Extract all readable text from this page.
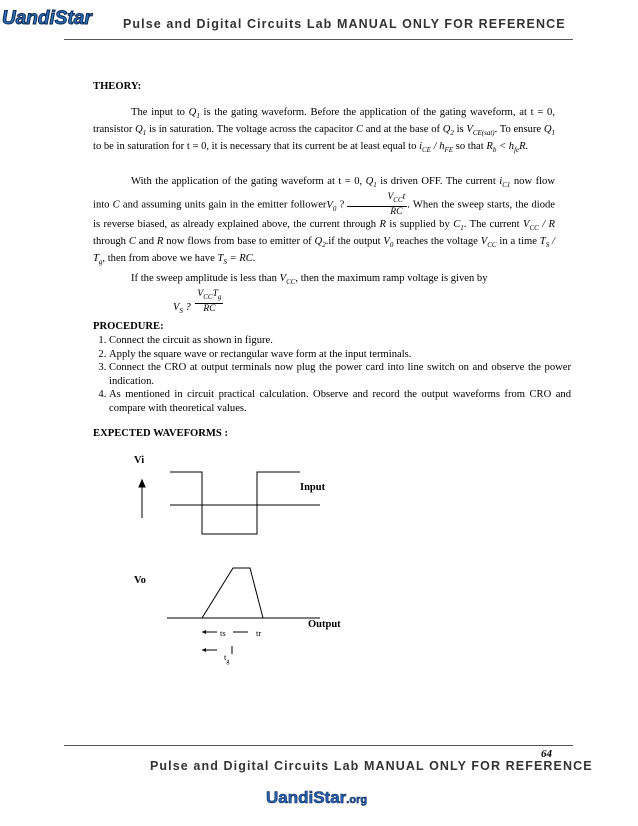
UandiStar	Pulse and Digital Circuits Lab MANUAL ONLY FOR REFERENCE
THEORY:
The input to $Q_1$ is the gating waveform. Before the application of the gating waveform, at t = 0, transistor $Q_1$ is in saturation. The voltage across the capacitor C and at the base of $Q_2$ is $V_{CE(sat)}$. To ensure $Q_1$ to be in saturation for t = 0, it is necessary that its current be at least equal to $i_{CE} / h_{FE}$ so that $R_b < h_{fe}R$.
With the application of the gating waveform at t = 0, $Q_1$ is driven OFF. The current $i_{C1}$ now flow into C and assuming units gain in the emitter followerV$_0$ ? $\frac{V_{CC}t}{RC}$ . When the sweep starts, the diode is reverse biased, as already explained above, the current through R is supplied by $C_1$. The current $V_{CC}$ / R through C and R now flows from base to emitter of $Q_2.if$ the output $V_0$ reaches the voltage $V_{CC}$ in a time $T_S / T_g$, then from above we have $T_S$ = RC.
If the sweep amplitude is less than $V_{CC}$, then the maximum ramp voltage is given by
$V_S$ ? $\frac{V_{CC}T_g}{RC}$
PROCEDURE:
1. Connect the circuit as shown in figure.
2. Apply the square wave or rectangular wave form at the input terminals.
3. Connect the CRO at output terminals now plug the power card into line switch on and observe the power indication.
4. As mentioned in circuit practical calculation. Observe and record the output waveforms from CRO and compare with theoretical values.
EXPECTED WAVEFORMS :
Vi
Input
Vo
Output
ts	tr
$t_g$
64
Pulse and Digital Circuits Lab MANUAL ONLY FOR REFERENCE
UandiStar.org
